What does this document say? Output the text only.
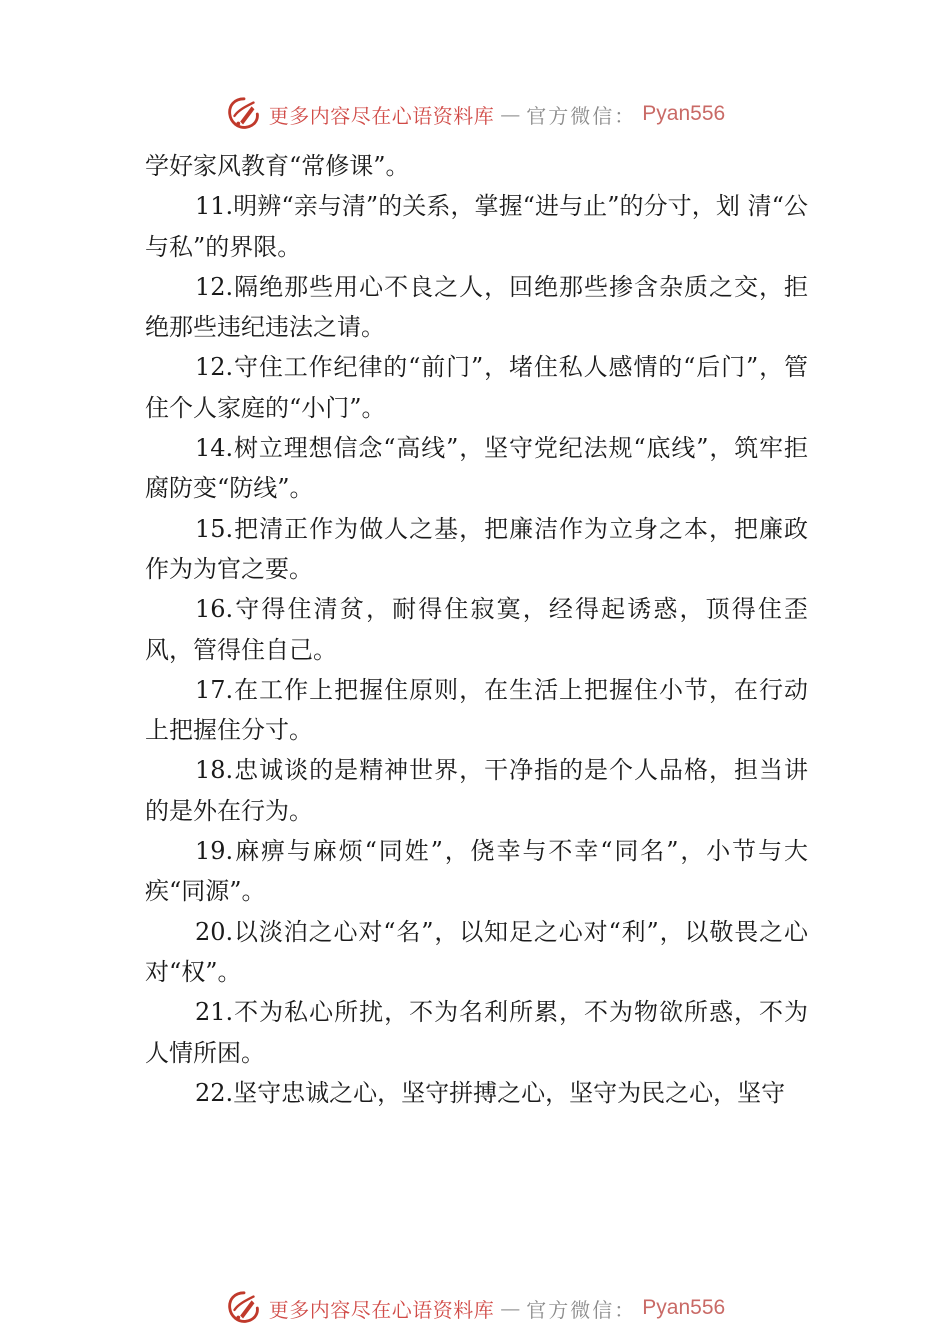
更多内容尽在心语资料库 — 官方微信： Pyan556

学好家风教育“常修课”。

11.明辨“亲与清”的关系，掌握“进与止”的分寸，划 清“公与私”的界限。

12.隔绝那些用心不良之人，回绝那些掺含杂质之交，拒绝那些违纪违法之请。

12.守住工作纪律的“前门”，堵住私人感情的“后门”，管住个人家庭的“小门”。

14.树立理想信念“高线”，坚守党纪法规“底线”，筑牢拒腐防变“防线”。

15.把清正作为做人之基，把廉洁作为立身之本，把廉政作为为官之要。

16.守得住清贫，耐得住寂寞，经得起诱惑，顶得住歪风，管得住自己。

17.在工作上把握住原则，在生活上把握住小节，在行动上把握住分寸。

18.忠诚谈的是精神世界，干净指的是个人品格，担当讲的是外在行为。

19.麻痹与麻烦“同姓”，侥幸与不幸“同名”，小节与大疾“同源”。

20.以淡泊之心对“名”，以知足之心对“利”，以敬畏之心对“权”。

21.不为私心所扰，不为名利所累，不为物欲所惑，不为人情所困。

22.坚守忠诚之心，坚守拼搏之心，坚守为民之心，坚守

更多内容尽在心语资料库 — 官方微信： Pyan556
